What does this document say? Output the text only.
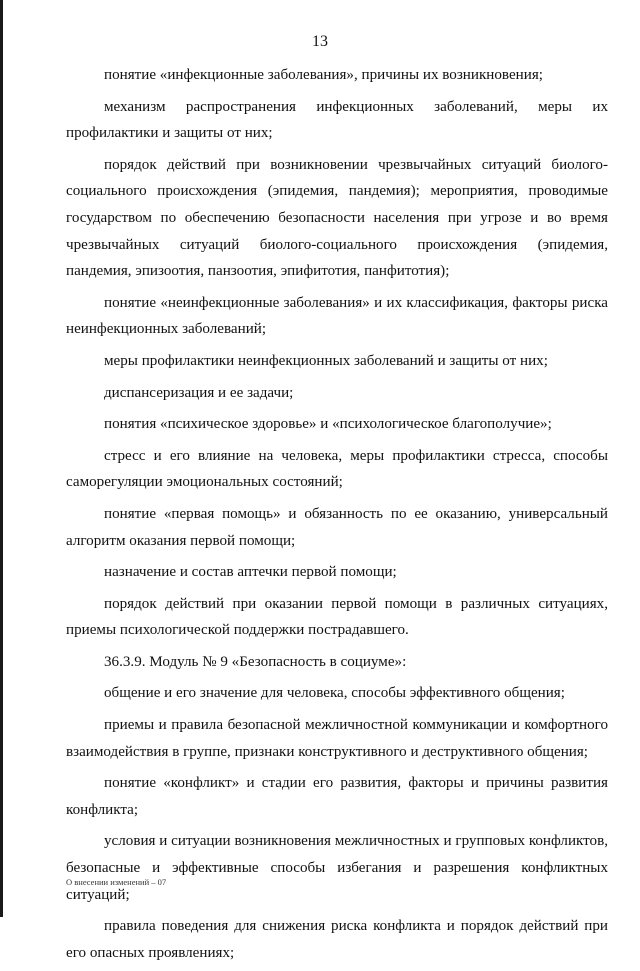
13

понятие «инфекционные заболевания», причины их возникновения;

механизм распространения инфекционных заболеваний, меры их профилактики и защиты от них;

порядок действий при возникновении чрезвычайных ситуаций биолого-социального происхождения (эпидемия, пандемия); мероприятия, проводимые государством по обеспечению безопасности населения при угрозе и во время чрезвычайных ситуаций биолого-социального происхождения (эпидемия, пандемия, эпизоотия, панзоотия, эпифитотия, панфитотия);

понятие «неинфекционные заболевания» и их классификация, факторы риска неинфекционных заболеваний;

меры профилактики неинфекционных заболеваний и защиты от них;

диспансеризация и ее задачи;

понятия «психическое здоровье» и «психологическое благополучие»;

стресс и его влияние на человека, меры профилактики стресса, способы саморегуляции эмоциональных состояний;

понятие «первая помощь» и обязанность по ее оказанию, универсальный алгоритм оказания первой помощи;

назначение и состав аптечки первой помощи;

порядок действий при оказании первой помощи в различных ситуациях, приемы психологической поддержки пострадавшего.

36.3.9. Модуль № 9 «Безопасность в социуме»:

общение и его значение для человека, способы эффективного общения;

приемы и правила безопасной межличностной коммуникации и комфортного взаимодействия в группе, признаки конструктивного и деструктивного общения;

понятие «конфликт» и стадии его развития, факторы и причины развития конфликта;

условия и ситуации возникновения межличностных и групповых конфликтов, безопасные и эффективные способы избегания и разрешения конфликтных ситуаций;

правила поведения для снижения риска конфликта и порядок действий при его опасных проявлениях;

О внесении изменений – 07
